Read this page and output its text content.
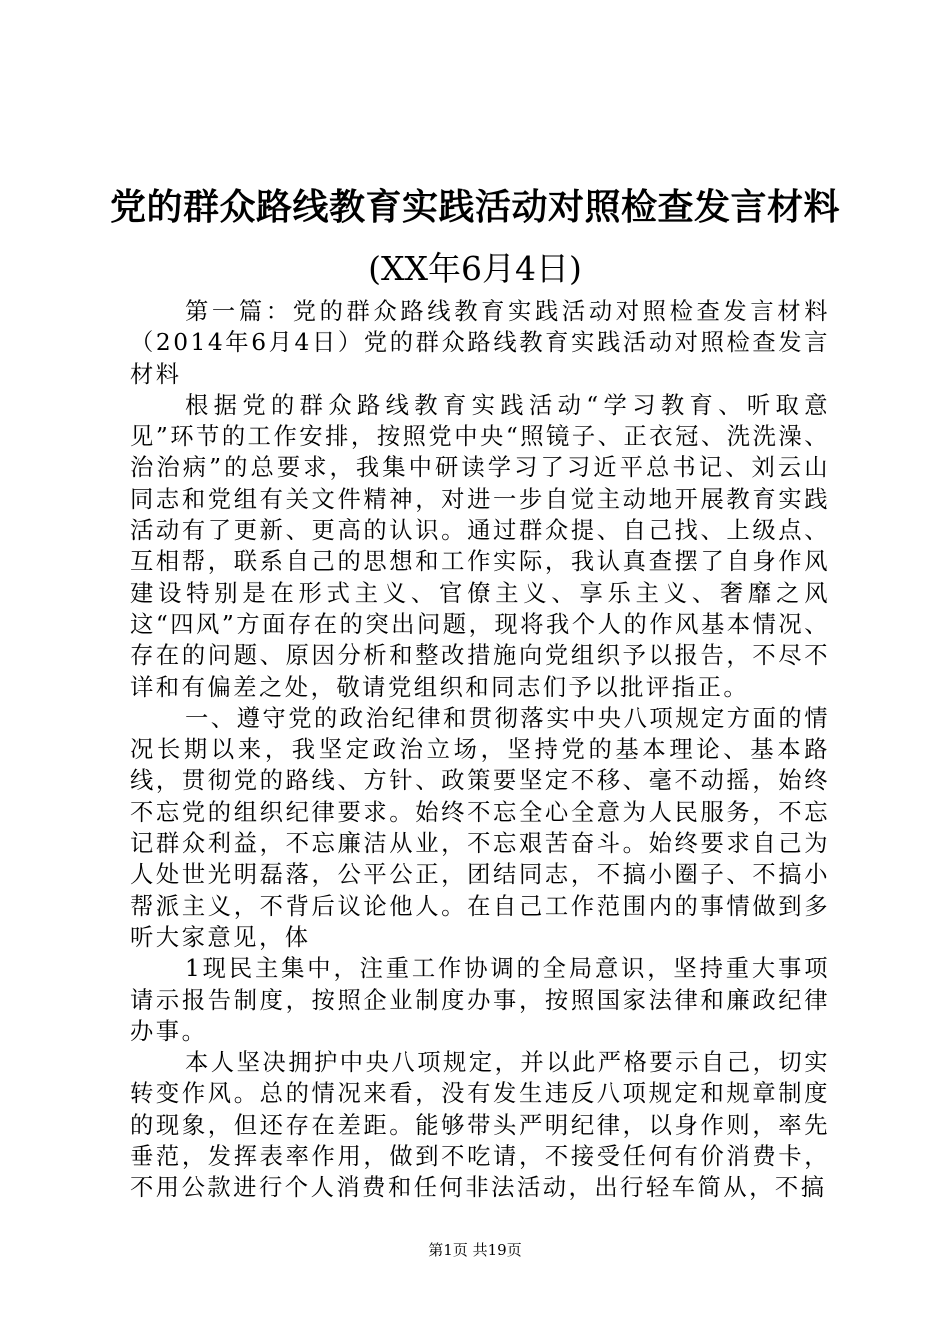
党的群众路线教育实践活动对照检查发言材料
(XX年6月4日)

第一篇：党的群众路线教育实践活动对照检查发言材料（2014年6月4日）党的群众路线教育实践活动对照检查发言材料

根据党的群众路线教育实践活动“学习教育、听取意见”环节的工作安排，按照党中央“照镜子、正衣冠、洗洗澡、治治病”的总要求，我集中研读学习了习近平总书记、刘云山同志和党组有关文件精神，对进一步自觉主动地开展教育实践活动有了更新、更高的认识。通过群众提、自己找、上级点、互相帮，联系自己的思想和工作实际，我认真查摆了自身作风建设特别是在形式主义、官僚主义、享乐主义、奢靡之风这“四风”方面存在的突出问题，现将我个人的作风基本情况、存在的问题、原因分析和整改措施向党组织予以报告，不尽不详和有偏差之处，敬请党组织和同志们予以批评指正。

一、遵守党的政治纪律和贯彻落实中央八项规定方面的情况长期以来，我坚定政治立场，坚持党的基本理论、基本路线，贯彻党的路线、方针、政策要坚定不移、毫不动摇，始终不忘党的组织纪律要求。始终不忘全心全意为人民服务，不忘记群众利益，不忘廉洁从业，不忘艰苦奋斗。始终要求自己为人处世光明磊落，公平公正，团结同志，不搞小圈子、不搞小帮派主义，不背后议论他人。在自己工作范围内的事情做到多听大家意见，体

1现民主集中，注重工作协调的全局意识，坚持重大事项请示报告制度，按照企业制度办事，按照国家法律和廉政纪律办事。

本人坚决拥护中央八项规定，并以此严格要示自己，切实转变作风。总的情况来看，没有发生违反八项规定和规章制度的现象，但还存在差距。能够带头严明纪律，以身作则，率先垂范，发挥表率作用，做到不吃请，不接受任何有价消费卡，不用公款进行个人消费和任何非法活动，出行轻车简从，不搞

第1页 共19页
